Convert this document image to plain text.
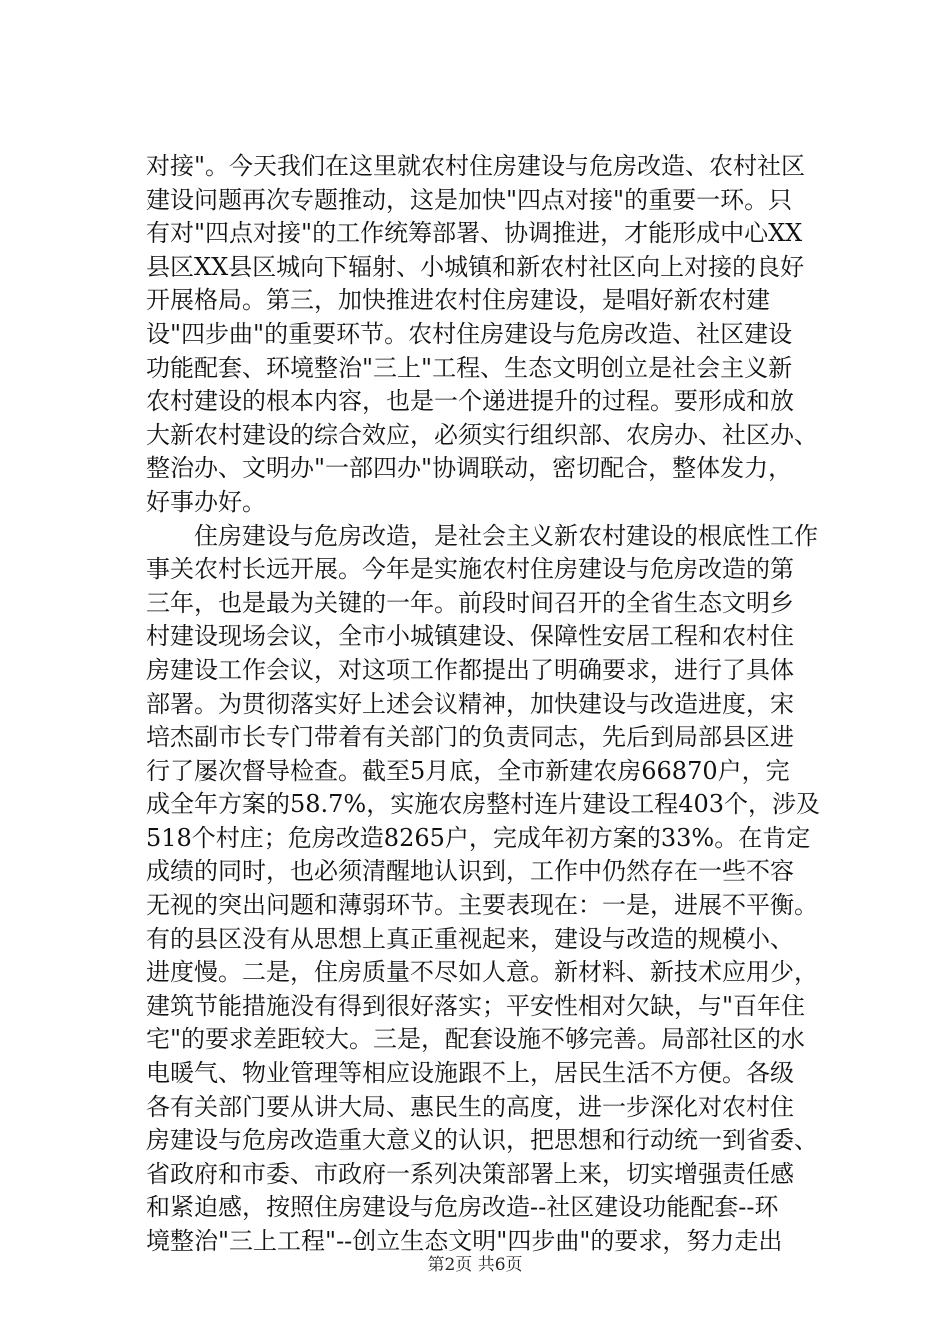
对接"。今天我们在这里就农村住房建设与危房改造、农村社区
建设问题再次专题推动，这是加快"四点对接"的重要一环。只
有对"四点对接"的工作统筹部署、协调推进，才能形成中心XX
县区XX县区城向下辐射、小城镇和新农村社区向上对接的良好
开展格局。第三，加快推进农村住房建设，是唱好新农村建
设"四步曲"的重要环节。农村住房建设与危房改造、社区建设
功能配套、环境整治"三上"工程、生态文明创立是社会主义新
农村建设的根本内容，也是一个递进提升的过程。要形成和放
大新农村建设的综合效应，必须实行组织部、农房办、社区办、
整治办、文明办"一部四办"协调联动，密切配合，整体发力，
好事办好。
　　住房建设与危房改造，是社会主义新农村建设的根底性工作
事关农村长远开展。今年是实施农村住房建设与危房改造的第
三年，也是最为关键的一年。前段时间召开的全省生态文明乡
村建设现场会议，全市小城镇建设、保障性安居工程和农村住
房建设工作会议，对这项工作都提出了明确要求，进行了具体
部署。为贯彻落实好上述会议精神，加快建设与改造进度，宋
培杰副市长专门带着有关部门的负责同志，先后到局部县区进
行了屡次督导检查。截至5月底，全市新建农房66870户，完
成全年方案的58.7%，实施农房整村连片建设工程403个，涉及
518个村庄；危房改造8265户，完成年初方案的33%。在肯定
成绩的同时，也必须清醒地认识到，工作中仍然存在一些不容
无视的突出问题和薄弱环节。主要表现在：一是，进展不平衡。
有的县区没有从思想上真正重视起来，建设与改造的规模小、
进度慢。二是，住房质量不尽如人意。新材料、新技术应用少，
建筑节能措施没有得到很好落实；平安性相对欠缺，与"百年住
宅"的要求差距较大。三是，配套设施不够完善。局部社区的水
电暖气、物业管理等相应设施跟不上，居民生活不方便。各级
各有关部门要从讲大局、惠民生的高度，进一步深化对农村住
房建设与危房改造重大意义的认识，把思想和行动统一到省委、
省政府和市委、市政府一系列决策部署上来，切实增强责任感
和紧迫感，按照住房建设与危房改造--社区建设功能配套--环
境整治"三上工程"--创立生态文明"四步曲"的要求，努力走出
第2页 共6页
